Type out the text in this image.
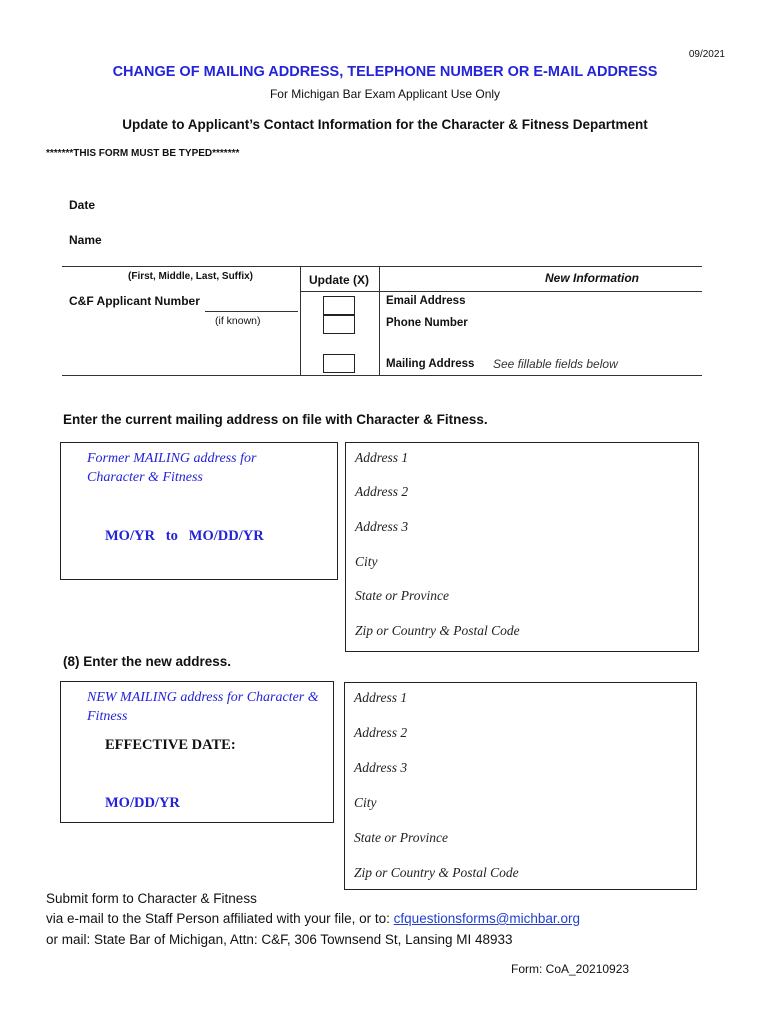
09/2021
CHANGE OF MAILING ADDRESS, TELEPHONE NUMBER OR E-MAIL ADDRESS
For Michigan Bar Exam Applicant Use Only
Update to Applicant’s Contact Information for the Character & Fitness Department
*******THIS FORM MUST BE TYPED*******
Date
Name
(First, Middle, Last, Suffix)
C&F Applicant Number
(if known)
Update (X)	New Information
Email Address
Phone Number
Mailing Address See fillable fields below
Enter the current mailing address on file with Character & Fitness.
Former MAILING address for Character & Fitness
MO/YR   to   MO/DD/YR
Address 1
Address 2
Address 3
City
State or Province
Zip or Country & Postal Code
(8) Enter the new address.
NEW MAILING address for Character & Fitness
EFFECTIVE DATE:
MO/DD/YR
Address 1
Address 2
Address 3
City
State or Province
Zip or Country & Postal Code
Submit form to Character & Fitness
via e-mail to the Staff Person affiliated with your file, or to: cfquestionsforms@michbar.org
or mail: State Bar of Michigan, Attn: C&F, 306 Townsend St, Lansing MI 48933
Form: CoA_20210923
